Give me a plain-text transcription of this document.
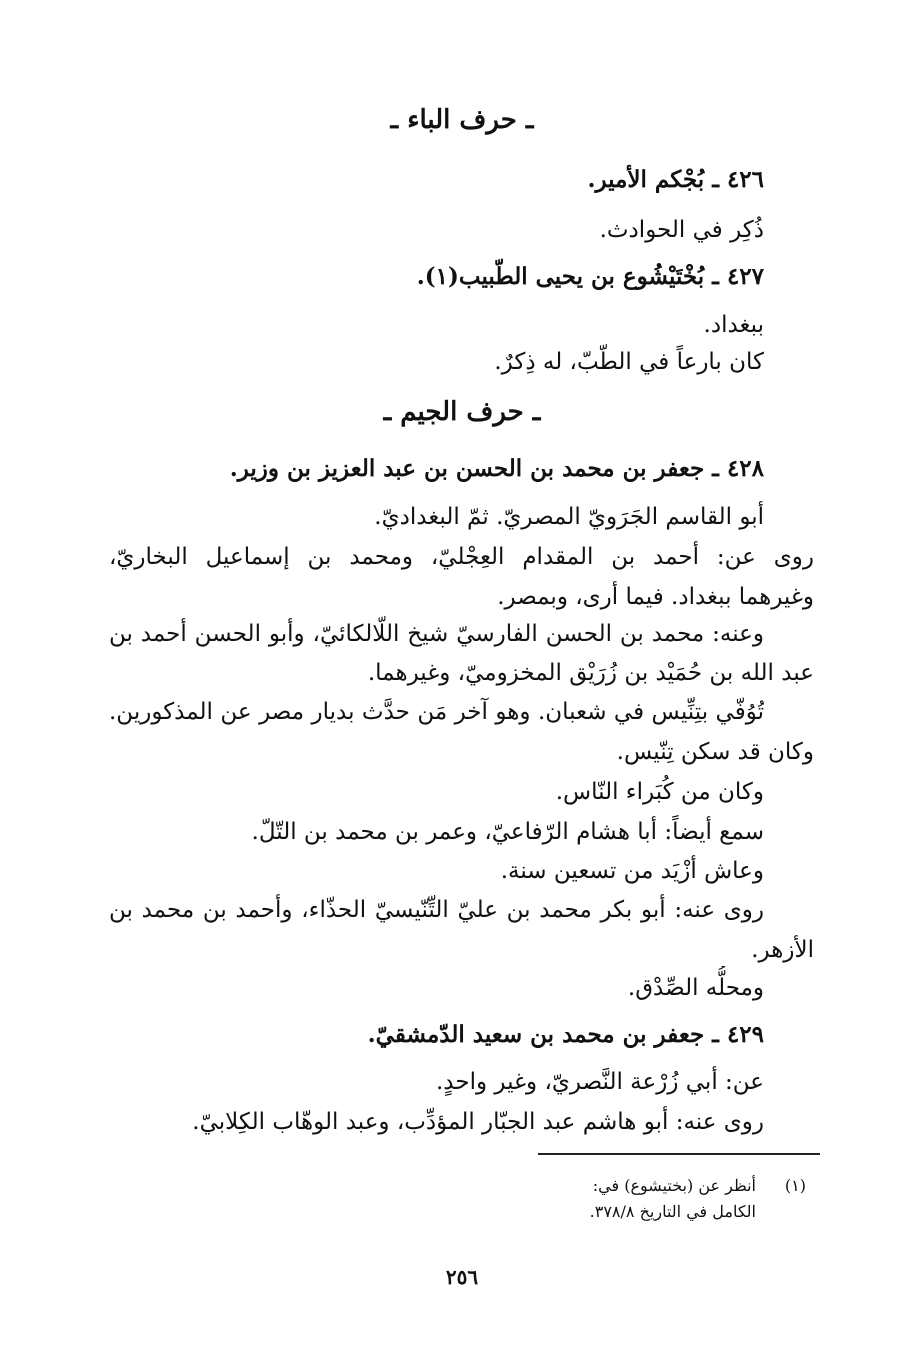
ـ حرف الباء ـ
٤٢٦ ـ بُجْكم الأمير.
ذُكِر في الحوادث.
٤٢٧ ـ بُخْتَيْشُوع بن يحيى الطّبيب(١).
ببغداد.
كان بارعاً في الطّبّ، له ذِكرٌ.
ـ حرف الجيم ـ
٤٢٨ ـ جعفر بن محمد بن الحسن بن عبد العزيز بن وزير.
أبو القاسم الجَرَويّ المصريّ. ثمّ البغداديّ.
روى عن: أحمد بن المقدام العِجْليّ، ومحمد بن إسماعيل البخاريّ،
وغيرهما ببغداد. فيما أرى، وبمصر.
وعنه: محمد بن الحسن الفارسيّ شيخ اللّالكائيّ، وأبو الحسن أحمد بن
عبد الله بن حُمَيْد بن زُرَيْق المخزوميّ، وغيرهما.
تُوُفّي بتِنِّيس في شعبان. وهو آخر مَن حدَّث بديار مصر عن المذكورين.
وكان قد سكن تِنّيس.
وكان من كُبَراء النّاس.
سمع أيضاً: أبا هشام الرّفاعيّ، وعمر بن محمد بن التّلّ.
وعاش أزْيَد من تسعين سنة.
روى عنه: أبو بكر محمد بن عليّ التِّنّيسيّ الحذّاء، وأحمد بن محمد بن
الأزهر.
ومحلُّه الصِّدْق.
٤٢٩ ـ جعفر بن محمد بن سعيد الدّمشقيّ.
عن: أبي زُرْعة النَّصريّ، وغير واحدٍ.
روى عنه: أبو هاشم عبد الجبّار المؤدِّب، وعبد الوهّاب الكِلابيّ.
(١)
أنظر عن (بختيشوع) في:
الكامل في التاريخ ٣٧٨/٨.
٢٥٦
